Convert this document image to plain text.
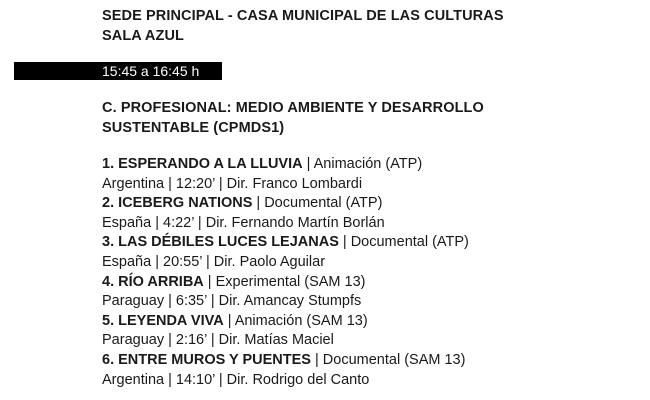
SEDE PRINCIPAL - CASA MUNICIPAL DE LAS CULTURAS
SALA AZUL
15:45 a 16:45 h
C. PROFESIONAL: MEDIO AMBIENTE Y DESARROLLO
SUSTENTABLE (CPMDS1)
1. ESPERANDO A LA LLUVIA | Animación (ATP)
Argentina | 12:20’ | Dir. Franco Lombardi
2. ICEBERG NATIONS | Documental (ATP)
España | 4:22’ | Dir. Fernando Martín Borlán
3. LAS DÉBILES LUCES LEJANAS | Documental (ATP)
España | 20:55’ | Dir. Paolo Aguilar
4. RÍO ARRIBA | Experimental (SAM 13)
Paraguay | 6:35’ | Dir. Amancay Stumpfs
5. LEYENDA VIVA | Animación (SAM 13)
Paraguay | 2:16’ | Dir. Matías Maciel
6. ENTRE MUROS Y PUENTES | Documental (SAM 13)
Argentina | 14:10’ | Dir. Rodrigo del Canto
